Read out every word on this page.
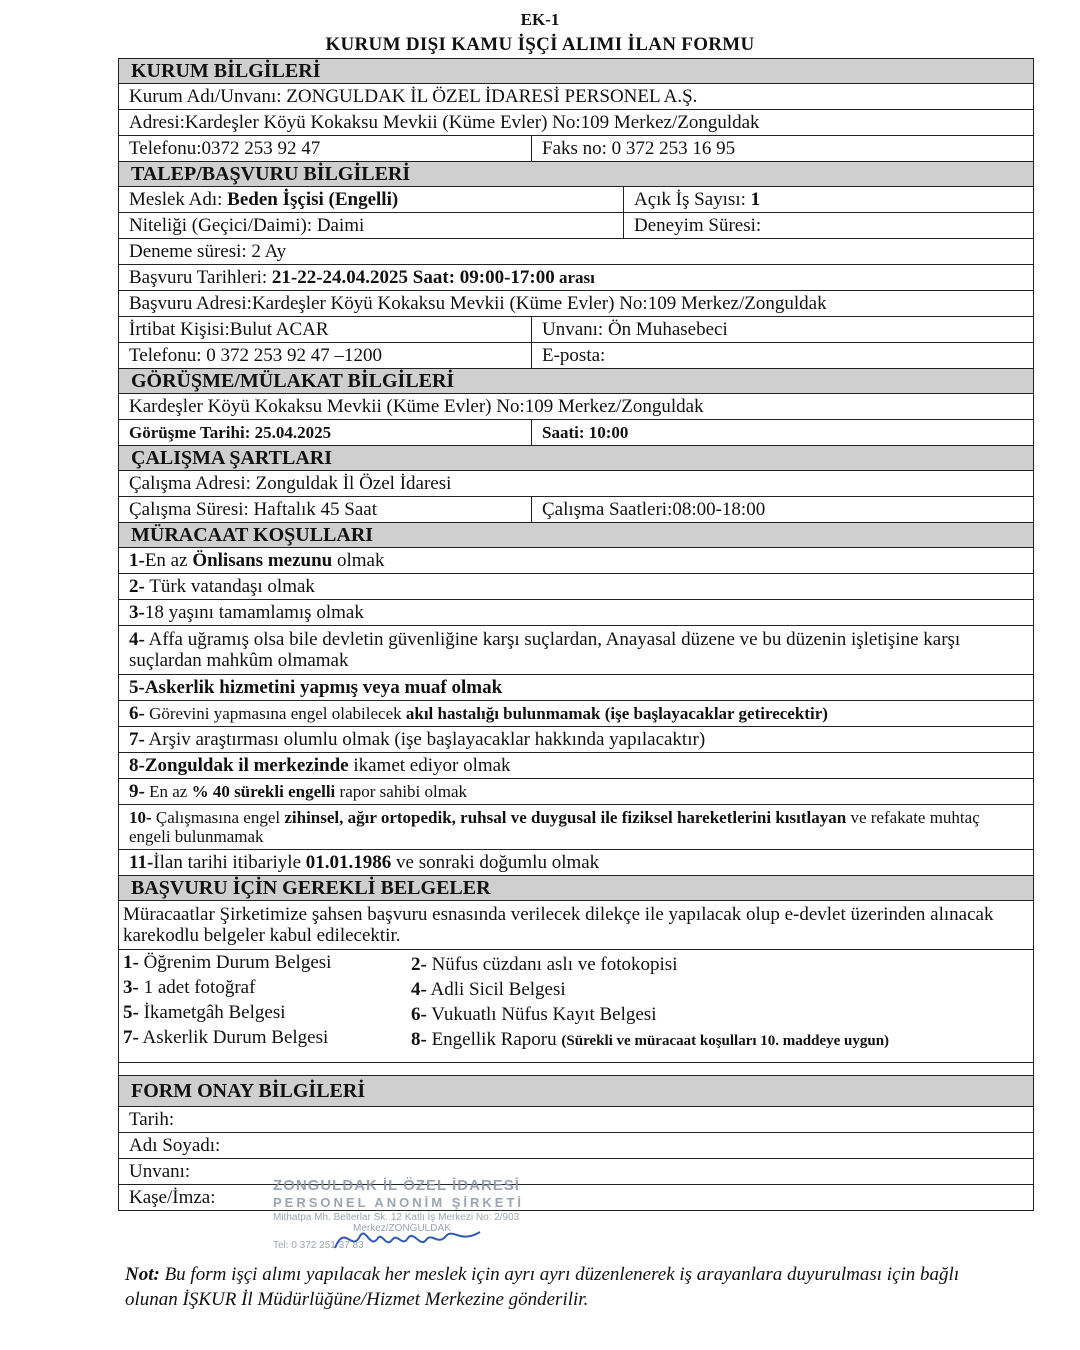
EK-1
KURUM DIŞI KAMU İŞÇİ ALIMI İLAN FORMU
KURUM BİLGİLERİ
Kurum Adı/Unvanı: ZONGULDAK İL ÖZEL İDARESİ PERSONEL A.Ş.
Adresi:Kardeşler Köyü Kokaksu Mevkii (Küme Evler) No:109 Merkez/Zonguldak
Telefonu:0372 253 92 47	Faks no: 0 372 253 16 95
TALEP/BAŞVURU BİLGİLERİ
Meslek Adı: Beden İşçisi (Engelli)	Açık İş Sayısı: 1
Niteliği (Geçici/Daimi): Daimi	Deneyim Süresi:
Deneme süresi: 2 Ay
Başvuru Tarihleri: 21-22-24.04.2025 Saat: 09:00-17:00 arası
Başvuru Adresi:Kardeşler Köyü Kokaksu Mevkii (Küme Evler) No:109 Merkez/Zonguldak
İrtibat Kişisi:Bulut ACAR	Unvanı: Ön Muhasebeci
Telefonu: 0 372 253 92 47 –1200	E-posta:
GÖRÜŞME/MÜLAKAT BİLGİLERİ
Kardeşler Köyü Kokaksu Mevkii (Küme Evler) No:109 Merkez/Zonguldak
Görüşme Tarihi: 25.04.2025	Saati: 10:00
ÇALIŞMA ŞARTLARI
Çalışma Adresi: Zonguldak İl Özel İdaresi
Çalışma Süresi: Haftalık 45 Saat	Çalışma Saatleri:08:00-18:00
MÜRACAAT KOŞULLARI
1-En az Önlisans mezunu olmak
2- Türk vatandaşı olmak
3-18 yaşını tamamlamış olmak
4- Affa uğramış olsa bile devletin güvenliğine karşı suçlardan, Anayasal düzene ve bu düzenin işletişine karşı suçlardan mahkûm olmamak
5-Askerlik hizmetini yapmış veya muaf olmak
6- Görevini yapmasına engel olabilecek akıl hastalığı bulunmamak (işe başlayacaklar getirecektir)
7- Arşiv araştırması olumlu olmak (işe başlayacaklar hakkında yapılacaktır)
8-Zonguldak il merkezinde ikamet ediyor olmak
9- En az % 40 sürekli engelli rapor sahibi olmak
10- Çalışmasına engel zihinsel, ağır ortopedik, ruhsal ve duygusal ile fiziksel hareketlerini kısıtlayan ve refakate muhtaç engeli bulunmamak
11-İlan tarihi itibariyle 01.01.1986 ve sonraki doğumlu olmak
BAŞVURU İÇİN GEREKLİ BELGELER
Müracaatlar Şirketimize şahsen başvuru esnasında verilecek dilekçe ile yapılacak olup e-devlet üzerinden alınacak karekodlu belgeler kabul edilecektir.
1- Öğrenim Durum Belgesi	2- Nüfus cüzdanı aslı ve fotokopisi
3- 1 adet fotoğraf	4- Adli Sicil Belgesi
5- İkametgâh Belgesi	6- Vukuatlı Nüfus Kayıt Belgesi
7- Askerlik Durum Belgesi	8- Engellik Raporu (Sürekli ve müracaat koşulları 10. maddeye uygun)
FORM ONAY BİLGİLERİ
Tarih:
Adı Soyadı:
Unvanı:
Kaşe/İmza:
ZONGULDAK İL ÖZEL İDARESİ
PERSONEL ANONİM ŞİRKETİ
Mithatpa Mh. Belterlar Sk. 12 Katlı İş Merkezi No: 2/903
Merkez/ZONGULDAK
Tel: 0 372 251 37 83
Not: Bu form işçi alımı yapılacak her meslek için ayrı ayrı düzenlenerek iş arayanlara duyurulması için bağlı olunan İŞKUR İl Müdürlüğüne/Hizmet Merkezine gönderilir.
